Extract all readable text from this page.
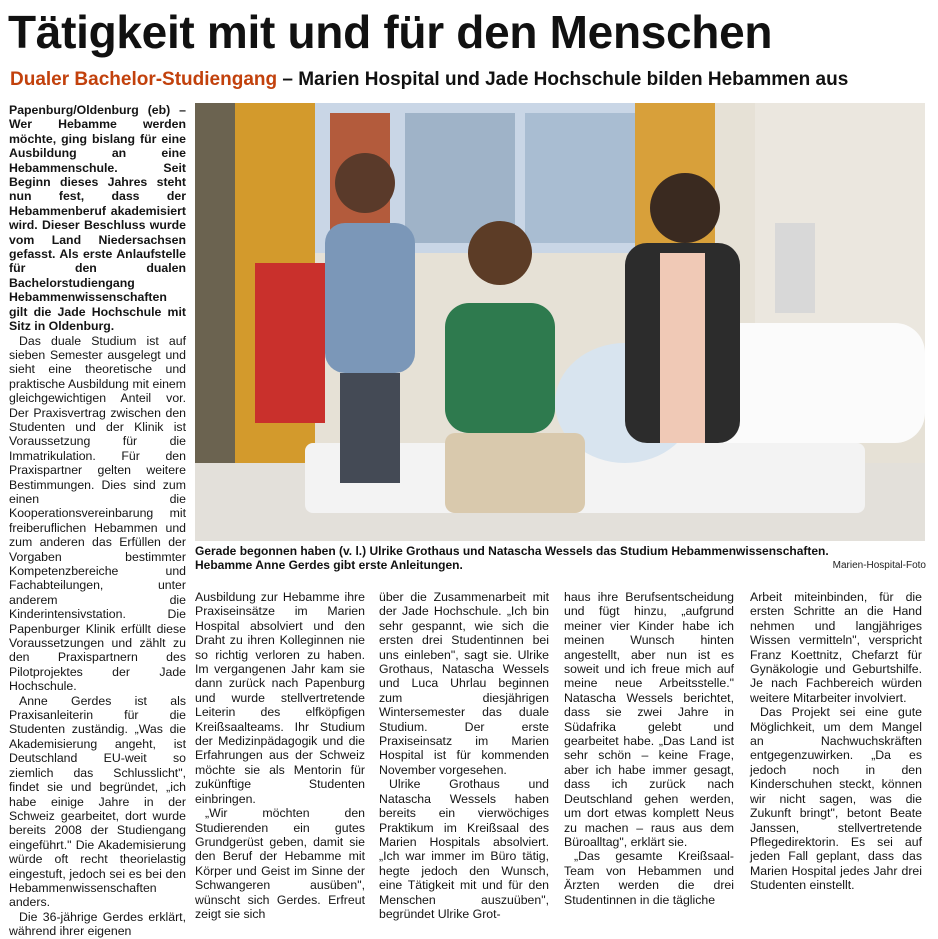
Tätigkeit mit und für den Menschen
Dualer Bachelor-Studiengang – Marien Hospital und Jade Hochschule bilden Hebammen aus

Papenburg/Oldenburg (eb) – Wer Hebamme werden möchte, ging bislang für eine Ausbildung an eine Hebammenschule. Seit Beginn dieses Jahres steht nun fest, dass der Hebammenberuf akademisiert wird. Dieser Beschluss wurde vom Land Niedersachsen gefasst. Als erste Anlaufstelle für den dualen Bachelorstudiengang Hebammenwissenschaften gilt die Jade Hochschule mit Sitz in Oldenburg.

Das duale Studium ist auf sieben Semester ausgelegt und sieht eine theoretische und praktische Ausbildung mit einem gleichgewichtigen Anteil vor. Der Praxisvertrag zwischen den Studenten und der Klinik ist Voraussetzung für die Immatrikulation. Für den Praxispartner gelten weitere Bestimmungen. Dies sind zum einen die Kooperationsvereinbarung mit freiberuflichen Hebammen und zum anderen das Erfüllen der Vorgaben bestimmter Kompetenzbereiche und Fachabteilungen, unter anderem die Kinderintensivstation. Die Papenburger Klinik erfüllt diese Voraussetzungen und zählt zu den Praxispartnern des Pilotprojektes der Jade Hochschule.

Anne Gerdes ist als Praxisanleiterin für die Studenten zuständig. „Was die Akademisierung angeht, ist Deutschland EU-weit so ziemlich das Schlusslicht", findet sie und begründet, „ich habe einige Jahre in der Schweiz gearbeitet, dort wurde bereits 2008 der Studiengang eingeführt." Die Akademisierung würde oft recht theorielastig eingestuft, jedoch sei es bei den Hebammenwissenschaften anders.

Die 36-jährige Gerdes erklärt, während ihrer eigenen

Gerade begonnen haben (v. l.) Ulrike Grothaus und Natascha Wessels das Studium Hebammenwissenschaften. Hebamme Anne Gerdes gibt erste Anleitungen.	Marien-Hospital-Foto

Ausbildung zur Hebamme ihre Praxiseinsätze im Marien Hospital absolviert und den Draht zu ihren Kolleginnen nie so richtig verloren zu haben. Im vergangenen Jahr kam sie dann zurück nach Papenburg und wurde stellvertretende Leiterin des elfköpfigen Kreißsaalteams. Ihr Studium der Medizinpädagogik und die Erfahrungen aus der Schweiz möchte sie als Mentorin für zukünftige Studenten einbringen.

„Wir möchten den Studierenden ein gutes Grundgerüst geben, damit sie den Beruf der Hebamme mit Körper und Geist im Sinne der Schwangeren ausüben", wünscht sich Gerdes. Erfreut zeigt sie sich

über die Zusammenarbeit mit der Jade Hochschule. „Ich bin sehr gespannt, wie sich die ersten drei Studentinnen bei uns einleben", sagt sie. Ulrike Grothaus, Natascha Wessels und Luca Uhrlau beginnen zum diesjährigen Wintersemester das duale Studium. Der erste Praxiseinsatz im Marien Hospital ist für kommenden November vorgesehen.

Ulrike Grothaus und Natascha Wessels haben bereits ein vierwöchiges Praktikum im Kreißsaal des Marien Hospitals absolviert. „Ich war immer im Büro tätig, hegte jedoch den Wunsch, eine Tätigkeit mit und für den Menschen auszuüben", begründet Ulrike Grot-

haus ihre Berufsentscheidung und fügt hinzu, „aufgrund meiner vier Kinder habe ich meinen Wunsch hinten angestellt, aber nun ist es soweit und ich freue mich auf meine neue Arbeitsstelle." Natascha Wessels berichtet, dass sie zwei Jahre in Südafrika gelebt und gearbeitet habe. „Das Land ist sehr schön – keine Frage, aber ich habe immer gesagt, dass ich zurück nach Deutschland gehen werden, um dort etwas komplett Neus zu machen – raus aus dem Büroalltag", erklärt sie.

„Das gesamte Kreißsaal-Team von Hebammen und Ärzten werden die drei Studentinnen in die tägliche

Arbeit miteinbinden, für die ersten Schritte an die Hand nehmen und langjähriges Wissen vermitteln", verspricht Franz Koettnitz, Chefarzt für Gynäkologie und Geburtshilfe. Je nach Fachbereich würden weitere Mitarbeiter involviert.

Das Projekt sei eine gute Möglichkeit, um dem Mangel an Nachwuchskräften entgegenzuwirken. „Da es jedoch noch in den Kinderschuhen steckt, können wir nicht sagen, was die Zukunft bringt", betont Beate Janssen, stellvertretende Pflegedirektorin. Es sei auf jeden Fall geplant, dass das Marien Hospital jedes Jahr drei Studenten einstellt.
